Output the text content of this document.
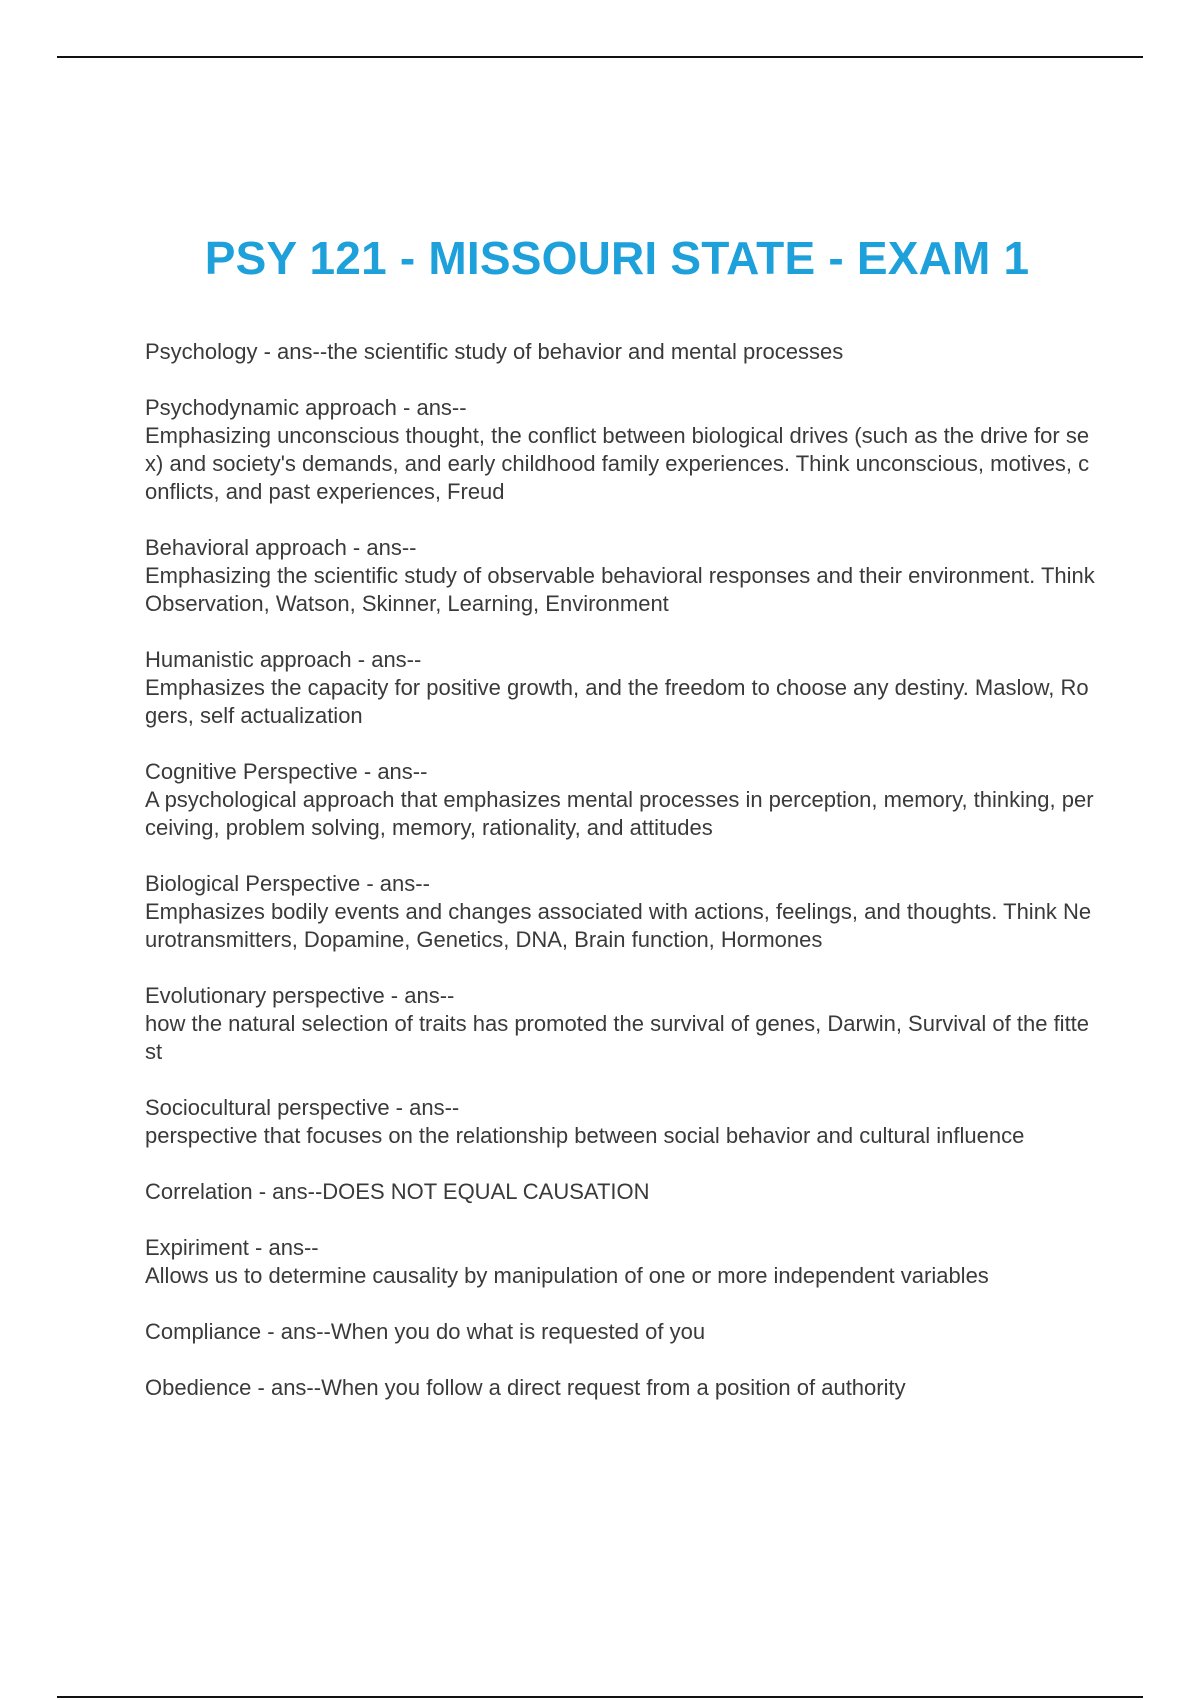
PSY 121 - MISSOURI STATE - EXAM 1
Psychology - ans--the scientific study of behavior and mental processes
Psychodynamic approach - ans--
Emphasizing unconscious thought, the conflict between biological drives (such as the drive for sex) and society's demands, and early childhood family experiences. Think unconscious, motives, conflicts, and past experiences, Freud
Behavioral approach - ans--
Emphasizing the scientific study of observable behavioral responses and their environment. Think Observation, Watson, Skinner, Learning, Environment
Humanistic approach - ans--
Emphasizes the capacity for positive growth, and the freedom to choose any destiny. Maslow, Rogers, self actualization
Cognitive Perspective - ans--
A psychological approach that emphasizes mental processes in perception, memory, thinking, perceiving, problem solving, memory, rationality, and attitudes
Biological Perspective - ans--
Emphasizes bodily events and changes associated with actions, feelings, and thoughts. Think Neurotransmitters, Dopamine, Genetics, DNA, Brain function, Hormones
Evolutionary perspective - ans--
how the natural selection of traits has promoted the survival of genes, Darwin, Survival of the fittest
Sociocultural perspective - ans--
perspective that focuses on the relationship between social behavior and cultural influence
Correlation - ans--DOES NOT EQUAL CAUSATION
Expiriment - ans--
Allows us to determine causality by manipulation of one or more independent variables
Compliance - ans--When you do what is requested of you
Obedience - ans--When you follow a direct request from a position of authority
